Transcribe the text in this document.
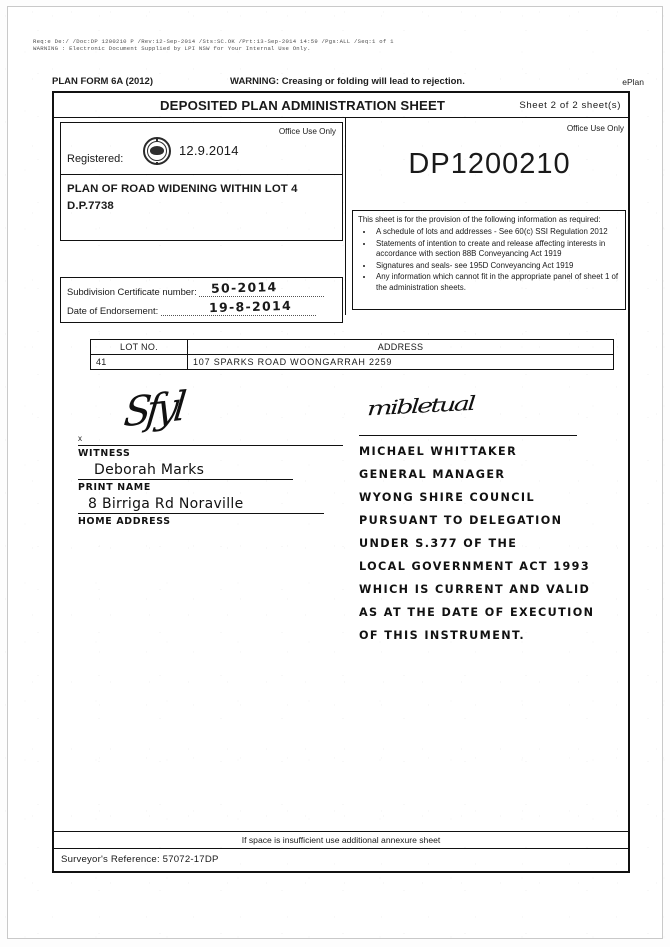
Req:e De:/ /Doc:DP 1200210 P /Rev:12-Sep-2014 /Sts:SC.OK /Prt:13-Sep-2014 14:59 /Pgs:ALL /Seq:1 of 1
WARNING : Electronic Document Supplied by LPI NSW for Your Internal Use Only.
PLAN FORM 6A (2012)	WARNING: Creasing or folding will lead to rejection.	ePlan
DEPOSITED PLAN ADMINISTRATION SHEET	Sheet 2 of 2 sheet(s)
Office Use Only
Registered:
12.9.2014
PLAN OF ROAD WIDENING WITHIN LOT 4
D.P.7738
Subdivision Certificate number:	50-2014
Date of Endorsement:	19-8-2014
Office Use Only
DP1200210

This sheet is for the provision of the following information as required:

• A schedule of lots and addresses - See 60(c) SSI Regulation 2012
• Statements of intention to create and release affecting interests in accordance with section 88B Conveyancing Act 1919
• Signatures and seals- see 195D Conveyancing Act 1919
• Any information which cannot fit in the appropriate panel of sheet 1 of the administration sheets.
LOT NO.	ADDRESS
41	107 SPARKS ROAD WOONGARRAH 2259
Sfyl
x
WITNESS
Deborah Marks
PRINT NAME
8 Birriga Rd Noraville
HOME ADDRESS
mibletual
MICHAEL WHITTAKER
GENERAL MANAGER
WYONG SHIRE COUNCIL
PURSUANT TO DELEGATION
UNDER S.377 OF THE
LOCAL GOVERNMENT ACT 1993
WHICH IS CURRENT AND VALID
AS AT THE DATE OF EXECUTION
OF THIS INSTRUMENT.
If space is insufficient use additional annexure sheet
Surveyor's Reference: 57072-17DP
